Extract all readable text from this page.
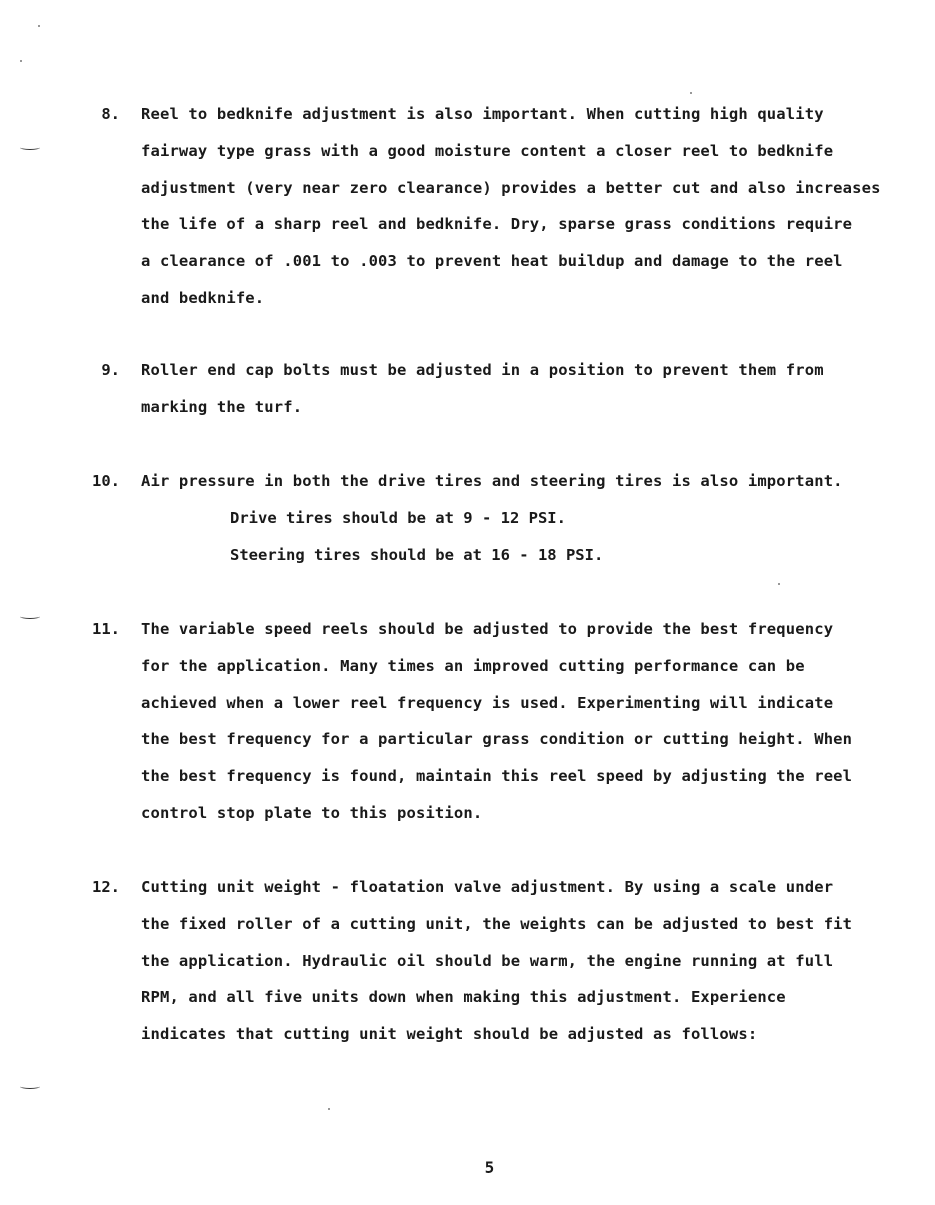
8. Reel to bedknife adjustment is also important. When cutting high quality
fairway type grass with a good moisture content a closer reel to bedknife
adjustment (very near zero clearance) provides a better cut and also increases
the life of a sharp reel and bedknife. Dry, sparse grass conditions require
a clearance of .001 to .003 to prevent heat buildup and damage to the reel
and bedknife.
9. Roller end cap bolts must be adjusted in a position to prevent them from
marking the turf.
10. Air pressure in both the drive tires and steering tires is also important.
Drive tires should be at 9 - 12 PSI.
Steering tires should be at 16 - 18 PSI.
11. The variable speed reels should be adjusted to provide the best frequency
for the application. Many times an improved cutting performance can be
achieved when a lower reel frequency is used. Experimenting will indicate
the best frequency for a particular grass condition or cutting height. When
the best frequency is found, maintain this reel speed by adjusting the reel
control stop plate to this position.
12. Cutting unit weight - floatation valve adjustment. By using a scale under
the fixed roller of a cutting unit, the weights can be adjusted to best fit
the application. Hydraulic oil should be warm, the engine running at full
RPM, and all five units down when making this adjustment. Experience
indicates that cutting unit weight should be adjusted as follows:
5
